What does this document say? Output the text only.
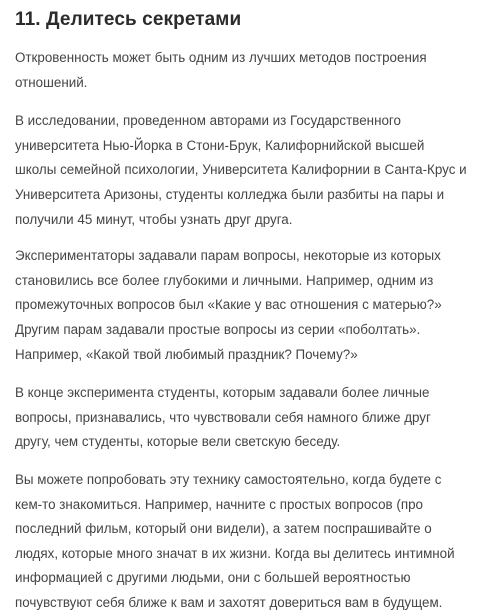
11. Делитесь секретами

Откровенность может быть одним из лучших методов построения
отношений.

В исследовании, проведенном авторами из Государственного
университета Нью-Йорка в Стони-Брук, Калифорнийской высшей
школы семейной психологии, Университета Калифорнии в Санта-Крус и
Университета Аризоны, студенты колледжа были разбиты на пары и
получили 45 минут, чтобы узнать друг друга.

Экспериментаторы задавали парам вопросы, некоторые из которых
становились все более глубокими и личными. Например, одним из
промежуточных вопросов был «Какие у вас отношения с матерью?»
Другим парам задавали простые вопросы из серии «поболтать».
Например, «Какой твой любимый праздник? Почему?»

В конце эксперимента студенты, которым задавали более личные
вопросы, признавались, что чувствовали себя намного ближе друг
другу, чем студенты, которые вели светскую беседу.

Вы можете попробовать эту технику самостоятельно, когда будете с
кем-то знакомиться. Например, начните с простых вопросов (про
последний фильм, который они видели), а затем поспрашивайте о
людях, которые много значат в их жизни. Когда вы делитесь интимной
информацией с другими людьми, они с большей вероятностью
почувствуют себя ближе к вам и захотят довериться вам в будущем.
